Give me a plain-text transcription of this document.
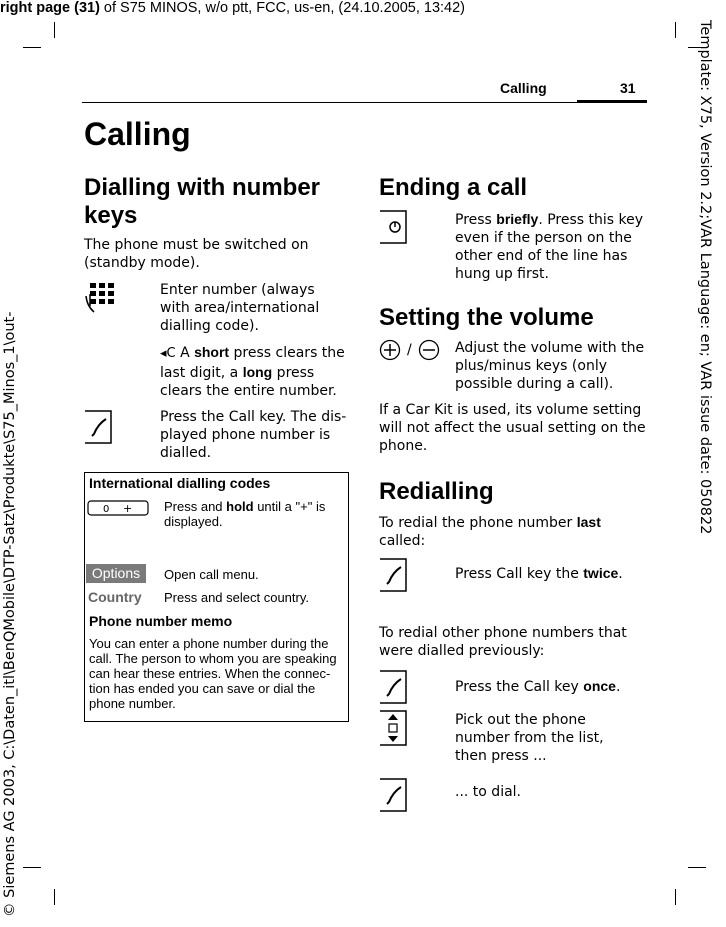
right page (31) of S75 MINOS, w/o ptt, FCC, us-en, (24.10.2005, 13:42)
Template: X75, Version 2.2;VAR Language: en; VAR issue date: 050822
© Siemens AG 2003, C:\Daten_itl\BenQMobile\DTP-Satz\Produkte\S75_Minos_1\out-
Calling	31
Calling
Dialling with number keys
The phone must be switched on (standby mode).
Enter number (always with area/international dialling code).
◂C A short press clears the last digit, a long press clears the entire number.
Press the Call key. The dis- played phone number is dialled.
International dialling codes
0 + Press and hold until a "+" is displayed.
Options	Open call menu.
Country Press and select country.
Phone number memo
You can enter a phone number during the call. The person to whom you are speaking can hear these entries. When the connec- tion has ended you can save or dial the phone number.
Ending a call
Press briefly. Press this key even if the person on the other end of the line has hung up first.
Setting the volume
/	Adjust the volume with the plus/minus keys (only possible during a call).
If a Car Kit is used, its volume setting will not affect the usual setting on the phone.
Redialling
To redial the phone number last called:
Press Call key the twice.
To redial other phone numbers that were dialled previously:
Press the Call key once.
Pick out the phone number from the list, then press ...
... to dial.
